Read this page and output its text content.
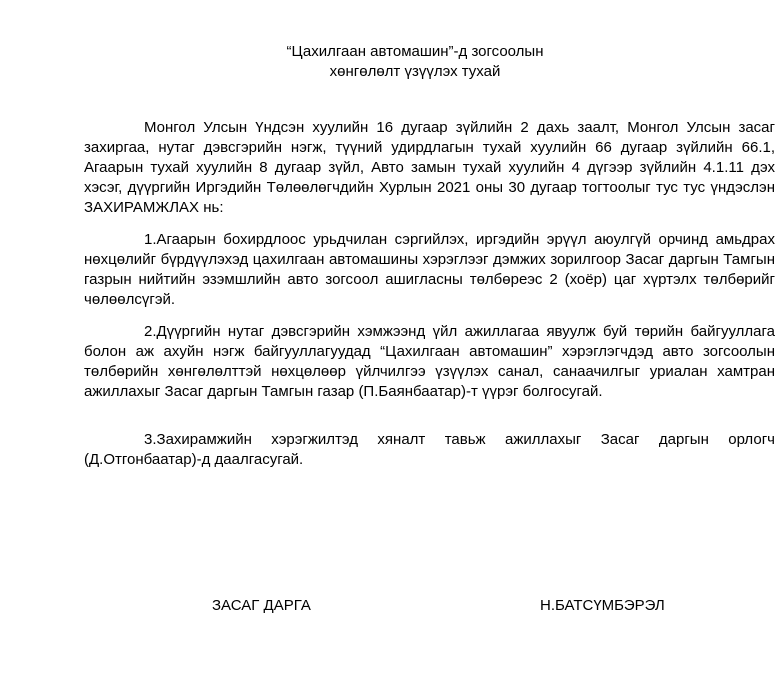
“Цахилгаан автомашин”-д зогсоолын
хөнгөлөлт үзүүлэх тухай
Монгол Улсын Үндсэн хуулийн 16 дугаар зүйлийн 2 дахь заалт, Монгол Улсын засаг захиргаа, нутаг дэвсгэрийн нэгж, түүний удирдлагын тухай хуулийн 66 дугаар зүйлийн 66.1, Агаарын тухай хуулийн 8 дугаар зүйл, Авто замын тухай хуулийн 4 дүгээр зүйлийн 4.1.11 дэх хэсэг, дүүргийн Иргэдийн Төлөөлөгчдийн Хурлын 2021 оны 30 дугаар тогтоолыг тус тус үндэслэн ЗАХИРАМЖЛАХ нь:
1.Агаарын бохирдлоос урьдчилан сэргийлэх, иргэдийн эрүүл аюулгүй орчинд амьдрах нөхцөлийг бүрдүүлэхэд цахилгаан автомашины хэрэглээг дэмжих зорилгоор Засаг даргын Тамгын газрын нийтийн эзэмшлийн авто зогсоол ашигласны төлбөреэс 2 (хоёр) цаг хүртэлх төлбөрийг чөлөөлсүгэй.
2.Дүүргийн нутаг дэвсгэрийн хэмжээнд үйл ажиллагаа явуулж буй төрийн байгууллага болон аж ахуйн нэгж байгууллагуудад “Цахилгаан автомашин” хэрэглэгчдэд авто зогсоолын төлбөрийн хөнгөлөлттэй нөхцөлөөр үйлчилгээ үзүүлэх санал, санаачилгыг уриалан хамтран ажиллахыг Засаг даргын Тамгын газар (П.Баянбаатар)-т үүрэг болгосугай.
3.Захирамжийн хэрэгжилтэд хяналт тавьж ажиллахыг Засаг даргын орлогч (Д.Отгонбаатар)-д даалгасугай.
ЗАСАГ ДАРГА	Н.БАТСҮМБЭРЭЛ
